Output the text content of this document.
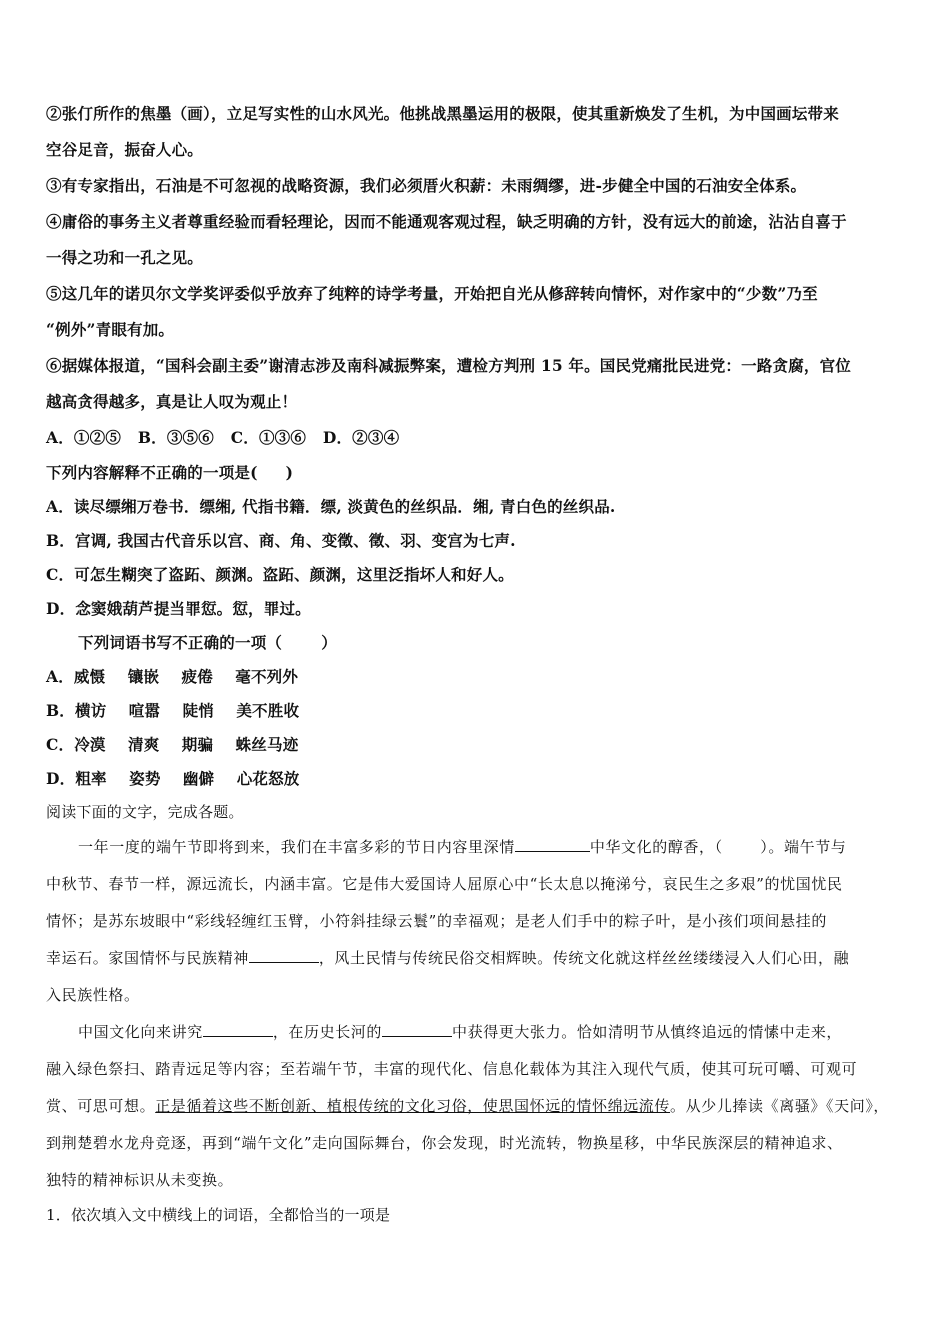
②张仃所作的焦墨（画），立足写实性的山水风光。他挑战黑墨运用的极限，使其重新焕发了生机，为中国画坛带来
空谷足音，振奋人心。
③有专家指出，石油是不可忽视的战略资源，我们必须厝火积薪：未雨绸缪，进-步健全中国的石油安全体系。
④庸俗的事务主义者尊重经验而看轻理论，因而不能通观客观过程，缺乏明确的方针，没有远大的前途，沾沾自喜于
一得之功和一孔之见。
⑤这几年的诺贝尔文学奖评委似乎放弃了纯粹的诗学考量，开始把自光从修辞转向情怀，对作家中的“少数”乃至
“例外”青眼有加。
⑥据媒体报道，“国科会副主委”谢清志涉及南科减振弊案，遭检方判刑 15 年。国民党痛批民进党：一路贪腐，官位
越高贪得越多，真是让人叹为观止！
A．①②⑤   B．③⑤⑥   C．①③⑥   D．②③④
下列内容解释不正确的一项是(     )
A．读尽缥缃万卷书．缥缃, 代指书籍．缥, 淡黄色的丝织品．缃, 青白色的丝织品.
B．宫调, 我国古代音乐以宫、商、角、变徵、徵、羽、变宫为七声.
C．可怎生糊突了盗跖、颜渊。盗跖、颜渊，这里泛指坏人和好人。
D．念窦娥葫芦提当罪愆。愆，罪过。
下列词语书写不正确的一项（       ）
A．威慑    镶嵌    疲倦    毫不列外
B．横访    喧嚣    陡悄    美不胜收
C．冷漠    清爽    期骗    蛛丝马迹
D．粗率    姿势    幽僻    心花怒放
阅读下面的文字，完成各题。
一年一度的端午节即将到来，我们在丰富多彩的节日内容里深情	中华文化的醇香，（       ）。端午节与
中秋节、春节一样，源远流长，内涵丰富。它是伟大爱国诗人屈原心中“长太息以掩涕兮，哀民生之多艰”的忧国忧民
情怀；是苏东坡眼中“彩线轻缠红玉臂，小符斜挂绿云鬟”的幸福观；是老人们手中的粽子叶，是小孩们项间悬挂的
幸运石。家国情怀与民族精神	，风土民情与传统民俗交相辉映。传统文化就这样丝丝缕缕浸入人们心田，融
入民族性格。
中国文化向来讲究	，在历史长河的	中获得更大张力。恰如清明节从慎终追远的情愫中走来，
融入绿色祭扫、踏青远足等内容；至若端午节，丰富的现代化、信息化载体为其注入现代气质，使其可玩可嚼、可观可
赏、可思可想。正是循着这些不断创新、植根传统的文化习俗，使思国怀远的情怀绵远流传。从少儿捧读《离骚》《天问》，
到荆楚碧水龙舟竞逐，再到“端午文化”走向国际舞台，你会发现，时光流转，物换星移，中华民族深层的精神追求、
独特的精神标识从未变换。
1．依次填入文中横线上的词语，全都恰当的一项是
